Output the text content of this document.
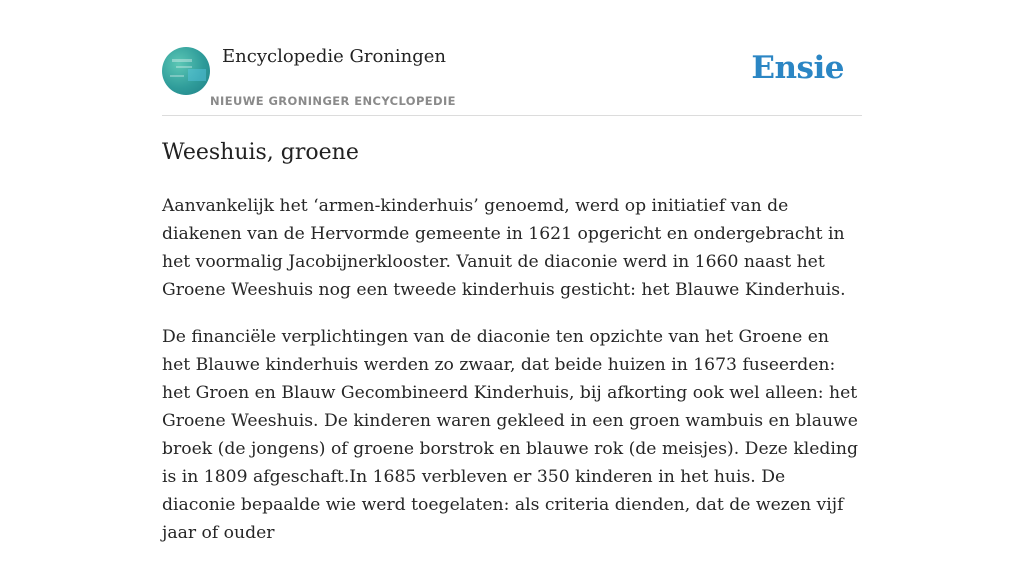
Encyclopedie Groningen
NIEUWE GRONINGER ENCYCLOPEDIE
Ensie
Weeshuis, groene

Aanvankelijk het ‘armen-kinderhuis’ genoemd, werd op initiatief van de diakenen van de Hervormde gemeente in 1621 opgericht en ondergebracht in het voormalig Jacobijnerklooster. Vanuit de diaconie werd in 1660 naast het Groene Weeshuis nog een tweede kinderhuis gesticht: het Blauwe Kinderhuis.

De financiële verplichtingen van de diaconie ten opzichte van het Groene en het Blauwe kinderhuis werden zo zwaar, dat beide huizen in 1673 fuseerden: het Groen en Blauw Gecombineerd Kinderhuis, bij afkorting ook wel alleen: het Groene Weeshuis. De kinderen waren gekleed in een groen wambuis en blauwe broek (de jongens) of groene borstrok en blauwe rok (de meisjes). Deze kleding is in 1809 afgeschaft.In 1685 verbleven er 350 kinderen in het huis. De diaconie bepaalde wie werd toegelaten: als criteria dienden, dat de wezen vijf jaar of ouder
